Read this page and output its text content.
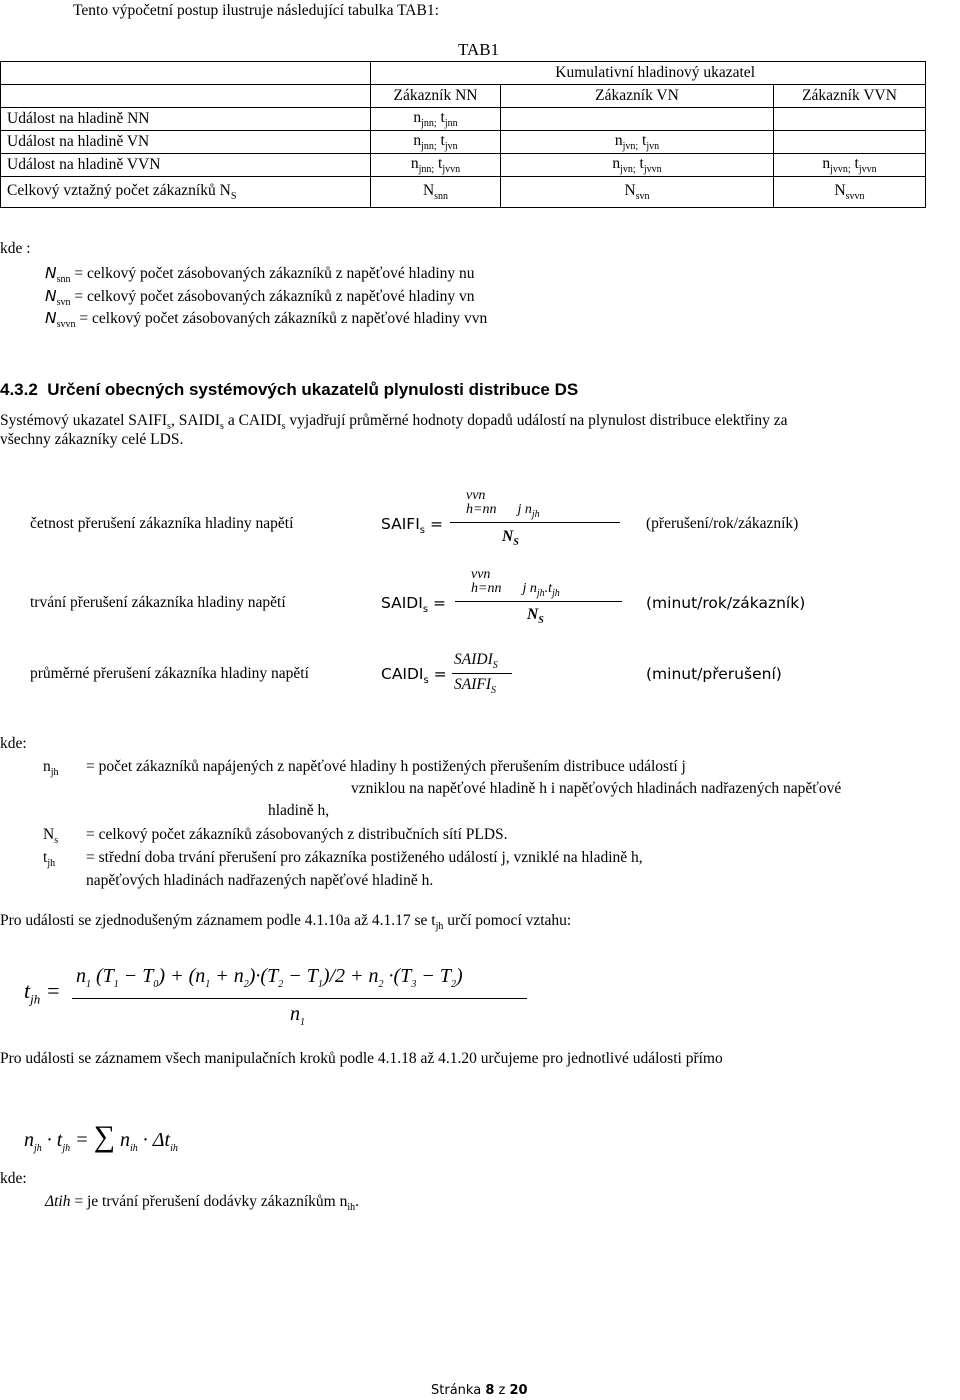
Tento výpočetní postup ilustruje následující tabulka TAB1:
TAB1
	Kumulativní hladinový ukazatel		
	Zákazník NN	Zákazník VN	Zákazník VVN
Událost na hladině NN	$n_{jnn;}$ $t_{jnn}$		
Událost na hladině VN	$n_{jnn;}$ $t_{jvn}$	$n_{jvn;}$ $t_{jvn}$	
Událost na hladině VVN	$n_{jnn;}$ $t_{jvvn}$	$n_{jvn;}$ $t_{jvvn}$	$n_{jvvn;}$ $t_{jvvn}$
Celkový vztažný počet zákazníků $N_S$	$N_{snn}$	$N_{svn}$	$N_{svvn}$
kde :
$N_{snn}$ = celkový počet zásobovaných zákazníků z napěťové hladiny nu
$N_{svn}$ = celkový počet zásobovaných zákazníků z napěťové hladiny vn
$N_{svvn}$ = celkový počet zásobovaných zákazníků z napěťové hladiny vvn
4.3.2 Určení obecných systémových ukazatelů plynulosti distribuce DS
Systémový ukazatel $SAIFI_s$, $SAIDI_s$ a $CAIDI_s$ vyjadřují průměrné hodnoty dopadů událostí na plynulost distribuce elektřiny za
všechny zákazníky celé LDS.
četnost přerušení zákazníka hladiny napětí	$SAIFI_s$ =
vvn
h=nn      j $n_{jh}$
$N_S$
(přerušení/rok/zákazník)
trvání přerušení zákazníka hladiny napětí	$SAIDI_s$ =
vvn
h=nn      j $n_{jh}.t_{jh}$
$N_S$
(minut/rok/zákazník)
průměrné přerušení zákazníka hladiny napětí	$CAIDI_s$ =
$SAIDI_S$
$SAIFI_S$
(minut/přerušení)
kde:
$n_{jh}$ = počet zákazníků napájených z napěťové hladiny h postižených přerušením distribuce událostí j
vzniklou na napěťové hladině h i napěťových hladinách nadřazených napěťové
hladině h,
$N_s$ = celkový počet zákazníků zásobovaných z distribučních sítí PLDS.
$t_{jh}$ = střední doba trvání přerušení pro zákazníka postiženého událostí j, vzniklé na hladině h,
napěťových hladinách nadřazených napěťové hladině h.
Pro události se zjednodušeným záznamem podle 4.1.10a až 4.1.17 se $t_{jh}$ určí pomocí vztahu:
$t_{jh}$ =
$n_1$ $(T_1 - T_0) + (n_1 + n_2)\cdot(T_2 - T_1)/2 + n_2 \cdot(T_3 - T_2)$
$n_1$
Pro události se záznamem všech manipulačních kroků podle 4.1.18 až 4.1.20 určujeme pro jednotlivé události přímo
$n_{jh} \cdot t_{jh}$ = ∑ $n_{ih} \cdot \Delta t_{ih}$
kde:
Δtih = je trvání přerušení dodávky zákazníkům $n_{ih}$.
Stránka 8 z 20
